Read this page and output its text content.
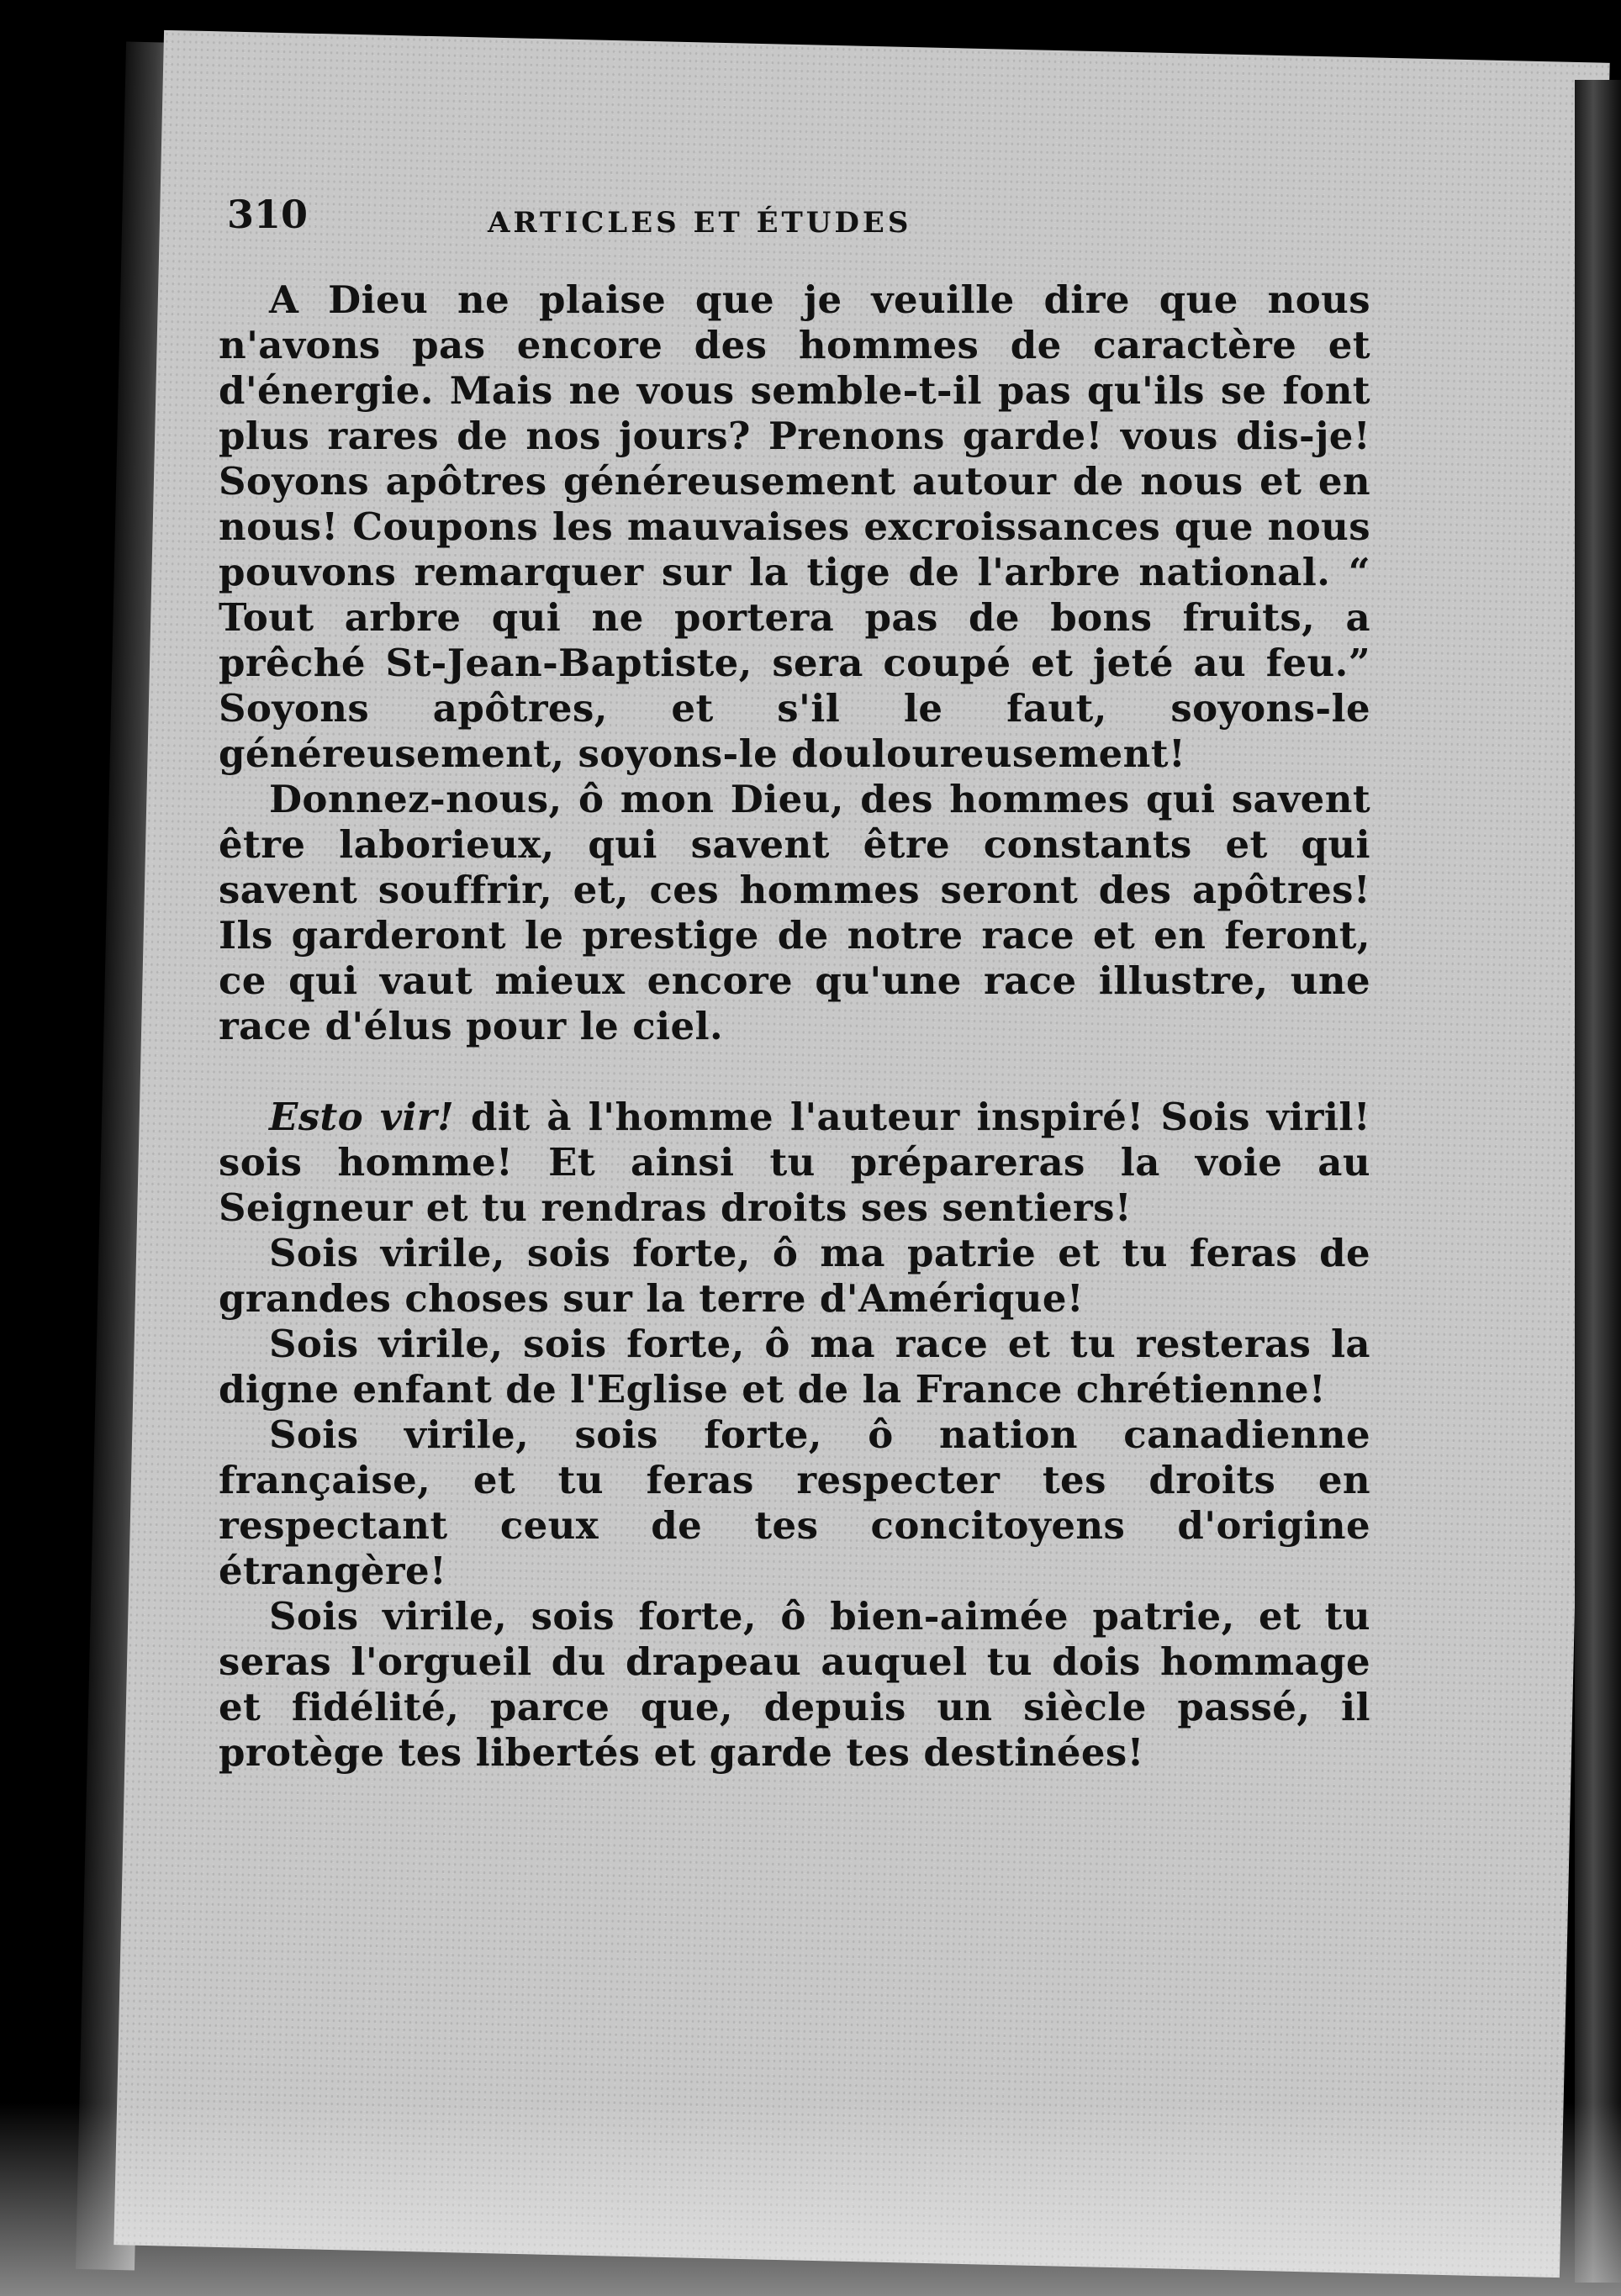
310	ARTICLES ET ÉTUDES

A Dieu ne plaise que je veuille dire que nous n'avons pas encore des hommes de caractère et d'énergie. Mais ne vous semble-t-il pas qu'ils se font plus rares de nos jours? Prenons garde! vous dis-je! Soyons apôtres généreusement autour de nous et en nous! Coupons les mauvaises excroissances que nous pouvons remarquer sur la tige de l'arbre national. “ Tout arbre qui ne portera pas de bons fruits, a prêché St-Jean-Baptiste, sera coupé et jeté au feu.” Soyons apôtres, et s'il le faut, soyons-le généreusement, soyons-le douloureusement!

Donnez-nous, ô mon Dieu, des hommes qui savent être laborieux, qui savent être constants et qui savent souffrir, et, ces hommes seront des apôtres! Ils garderont le prestige de notre race et en feront, ce qui vaut mieux encore qu'une race illustre, une race d'élus pour le ciel.

Esto vir! dit à l'homme l'auteur inspiré! Sois viril! sois homme! Et ainsi tu prépareras la voie au Seigneur et tu rendras droits ses sentiers!

Sois virile, sois forte, ô ma patrie et tu feras de grandes choses sur la terre d'Amérique!

Sois virile, sois forte, ô ma race et tu resteras la digne enfant de l'Eglise et de la France chrétienne!

Sois virile, sois forte, ô nation canadienne française, et tu feras respecter tes droits en respectant ceux de tes concitoyens d'origine étrangère!

Sois virile, sois forte, ô bien-aimée patrie, et tu seras l'orgueil du drapeau auquel tu dois hommage et fidélité, parce que, depuis un siècle passé, il protège tes libertés et garde tes destinées!
